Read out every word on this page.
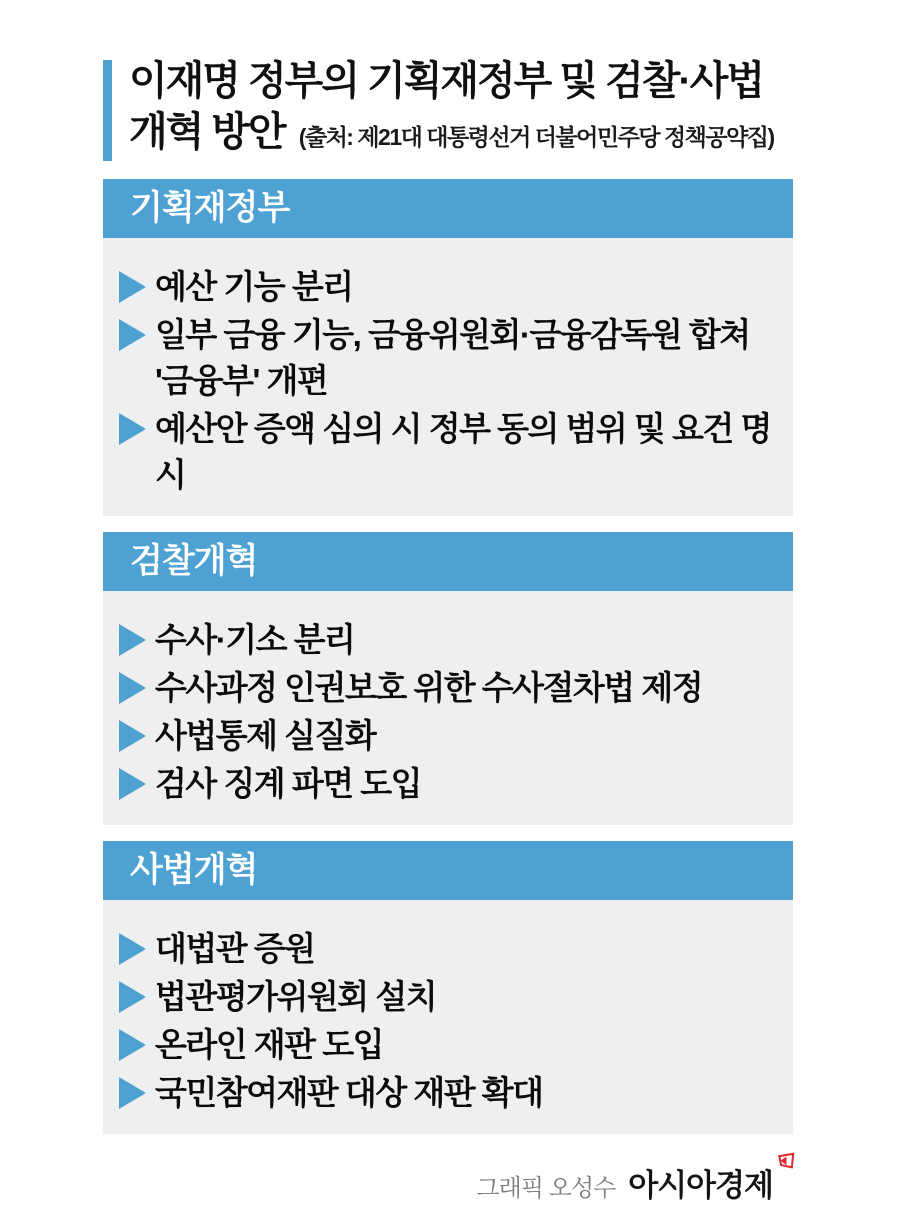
이재명 정부의 기획재정부 및 검찰·사법
개혁 방안 (출처: 제21대 대통령선거 더불어민주당 정책공약집)
기획재정부
예산 기능 분리
일부 금융 기능, 금융위원회·금융감독원 합쳐 '금융부' 개편
예산안 증액 심의 시 정부 동의 범위 및 요건 명시
검찰개혁
수사·기소 분리
수사과정 인권보호 위한 수사절차법 제정
사법통제 실질화
검사 징계 파면 도입
사법개혁
대법관 증원
법관평가위원회 설치
온라인 재판 도입
국민참여재판 대상 재판 확대
그래픽 오성수 아시아경제
